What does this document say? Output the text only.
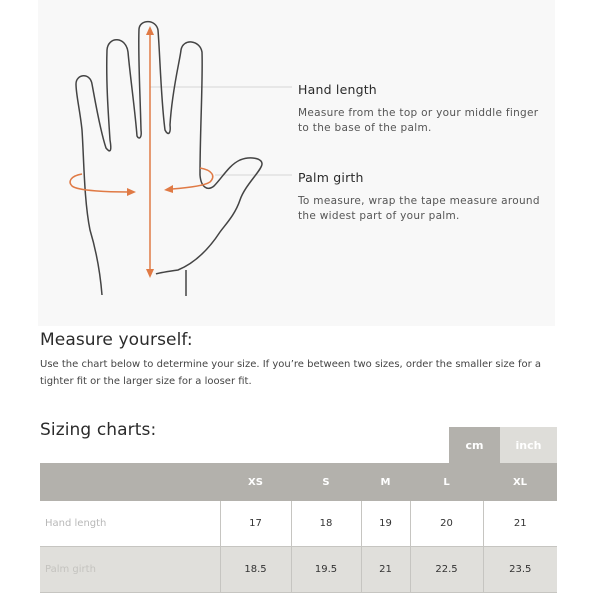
Hand length
Measure from the top or your middle finger to the base of the palm.
Palm girth
To measure, wrap the tape measure around the widest part of your palm.
Measure yourself:
Use the chart below to determine your size. If you’re between two sizes, order the smaller size for a tighter fit or the larger size for a looser fit.
Sizing charts:
cm	inch
	XS	S	M	L	XL
Hand length	17	18	19	20	21
Palm girth	18.5	19.5	21	22.5	23.5
